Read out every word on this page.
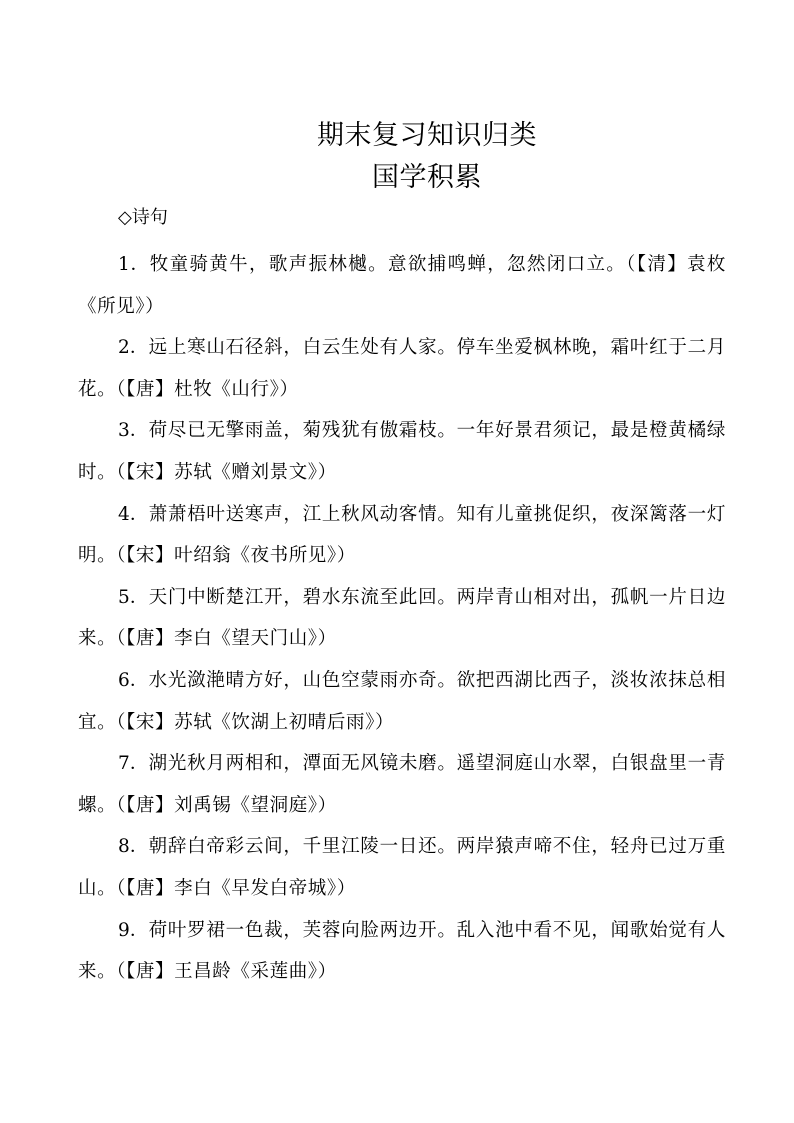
期末复习知识归类
国学积累
◇诗句

1．牧童骑黄牛，歌声振林樾。意欲捕鸣蝉，忽然闭口立。（【清】袁枚《所见》）

2．远上寒山石径斜，白云生处有人家。停车坐爱枫林晚，霜叶红于二月花。（【唐】杜牧《山行》）

3．荷尽已无擎雨盖，菊残犹有傲霜枝。一年好景君须记，最是橙黄橘绿时。（【宋】苏轼《赠刘景文》）

4．萧萧梧叶送寒声，江上秋风动客情。知有儿童挑促织，夜深篱落一灯明。（【宋】叶绍翁《夜书所见》）

5．天门中断楚江开，碧水东流至此回。两岸青山相对出，孤帆一片日边来。（【唐】李白《望天门山》）

6．水光潋滟晴方好，山色空蒙雨亦奇。欲把西湖比西子，淡妆浓抹总相宜。（【宋】苏轼《饮湖上初晴后雨》）

7．湖光秋月两相和，潭面无风镜未磨。遥望洞庭山水翠，白银盘里一青螺。（【唐】刘禹锡《望洞庭》）

8．朝辞白帝彩云间，千里江陵一日还。两岸猿声啼不住，轻舟已过万重山。（【唐】李白《早发白帝城》）

9．荷叶罗裙一色裁，芙蓉向脸两边开。乱入池中看不见，闻歌始觉有人来。（【唐】王昌龄《采莲曲》）
